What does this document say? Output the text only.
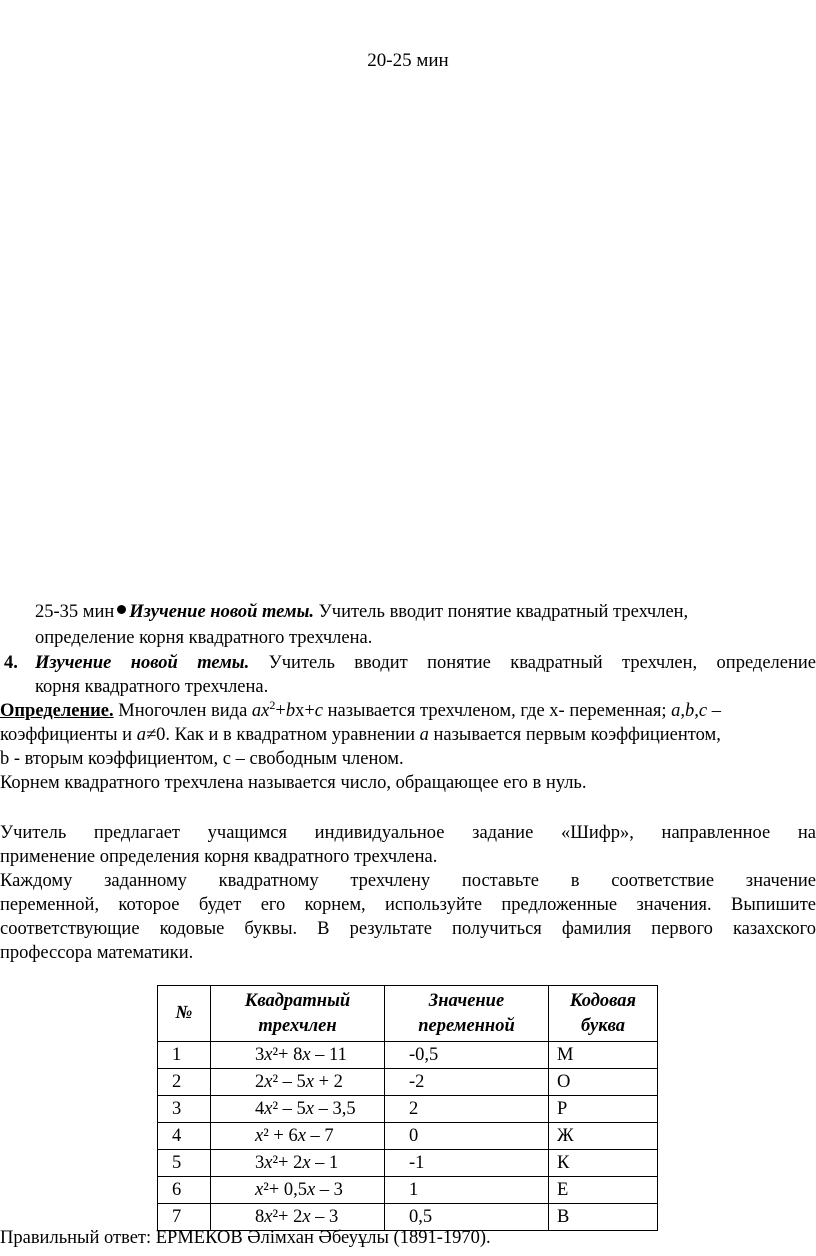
20-25 мин
25-35 мин Изучение новой темы. Учитель вводит понятие квадратный трехчлен,
определение корня квадратного трехчлена.
4. Изучение новой темы. Учитель вводит понятие квадратный трехчлен, определение
корня квадратного трехчлена.
Определение. Многочлен вида $ax^2+bx+c$ называется трехчленом, где x- переменная; a,b,c –
коэффициенты и a≠0. Как и в квадратном уравнении a называется первым коэффициентом,
b - вторым коэффициентом, с – свободным членом.
Корнем квадратного трехчлена называется число, обращающее его в нуль.
Учитель предлагает учащимся индивидуальное задание «Шифр», направленное на
применение определения корня квадратного трехчлена.
Каждому заданному квадратному трехчлену поставьте в соответствие значение
переменной, которое будет его корнем, используйте предложенные значения. Выпишите
соответствующие кодовые буквы. В результате получиться фамилия первого казахского
профессора математики.
№	Квадратный трехчлен	Значение переменной	Кодовая буква
1	3x²+ 8x – 11	-0,5	М
2	2x² – 5x + 2	-2	О
3	4x² – 5x – 3,5	2	Р
4	x² + 6x – 7	0	Ж
5	3x²+ 2x – 1	-1	К
6	x²+ 0,5x – 3	1	Е
7	8x²+ 2x – 3	0,5	В
Правильный ответ: ЕРМЕКОВ Әлімхан Әбеуұлы (1891-1970).
